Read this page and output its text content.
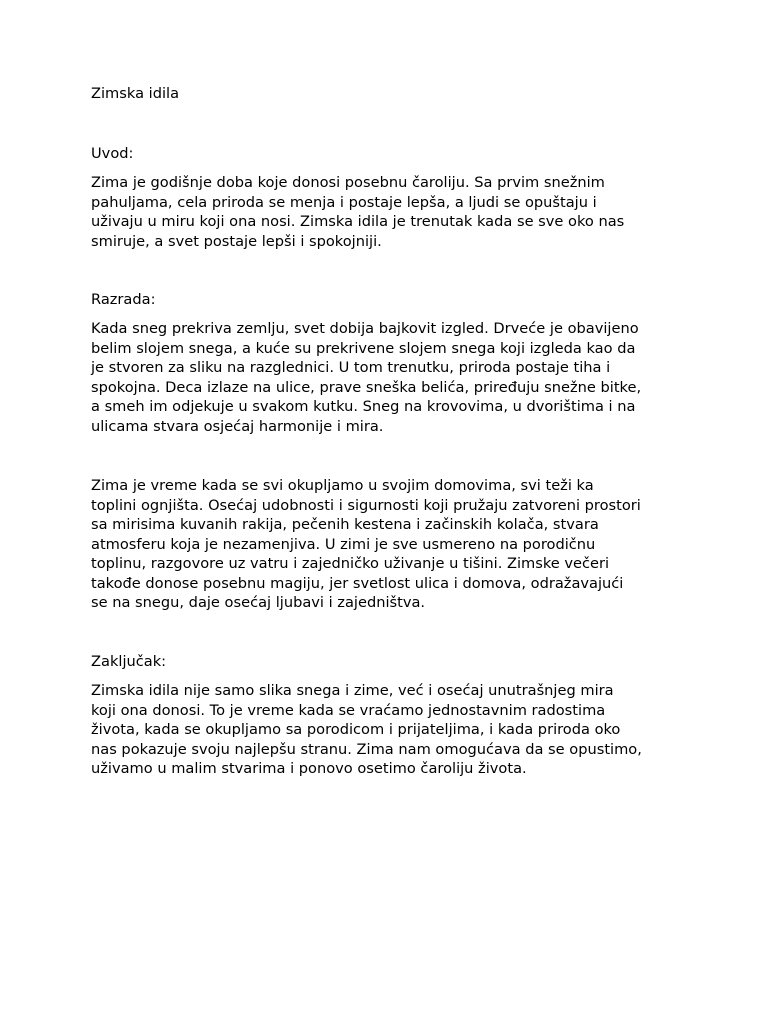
Zimska idila

Uvod:

Zima je godišnje doba koje donosi posebnu čaroliju. Sa prvim snežnim
pahuljama, cela priroda se menja i postaje lepša, a ljudi se opuštaju i
uživaju u miru koji ona nosi. Zimska idila je trenutak kada se sve oko nas
smiruje, a svet postaje lepši i spokojniji.

Razrada:

Kada sneg prekriva zemlju, svet dobija bajkovit izgled. Drveće je obavijeno
belim slojem snega, a kuće su prekrivene slojem snega koji izgleda kao da
je stvoren za sliku na razglednici. U tom trenutku, priroda postaje tiha i
spokojna. Deca izlaze na ulice, prave sneška belića, priređuju snežne bitke,
a smeh im odjekuje u svakom kutku. Sneg na krovovima, u dvorištima i na
ulicama stvara osjećaj harmonije i mira.
Zima je vreme kada se svi okupljamo u svojim domovima, svi teži ka
toplini ognjišta. Osećaj udobnosti i sigurnosti koji pružaju zatvoreni prostori
sa mirisima kuvanih rakija, pečenih kestena i začinskih kolača, stvara
atmosferu koja je nezamenjiva. U zimi je sve usmereno na porodičnu
toplinu, razgovore uz vatru i zajedničko uživanje u tišini. Zimske večeri
takođe donose posebnu magiju, jer svetlost ulica i domova, odražavajući
se na snegu, daje osećaj ljubavi i zajedništva.

Zaključak:

Zimska idila nije samo slika snega i zime, već i osećaj unutrašnjeg mira
koji ona donosi. To je vreme kada se vraćamo jednostavnim radostima
života, kada se okupljamo sa porodicom i prijateljima, i kada priroda oko
nas pokazuje svoju najlepšu stranu. Zima nam omogućava da se opustimo,
uživamo u malim stvarima i ponovo osetimo čaroliju života.
